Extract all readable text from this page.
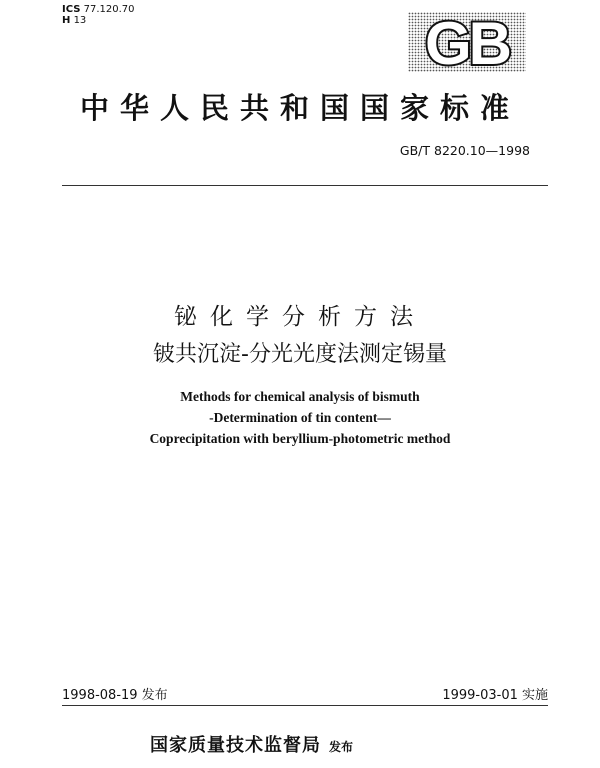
ICS 77.120.70
H 13	GB
中华人民共和国国家标准
GB/T 8220.10—1998
铋化学分析方法
铍共沉淀-分光光度法测定锡量
Methods for chemical analysis of bismuth
-Determination of tin content—
Coprecipitation with beryllium-photometric method
1998-08-19 发布	1999-03-01 实施
国家质量技术监督局 发布
